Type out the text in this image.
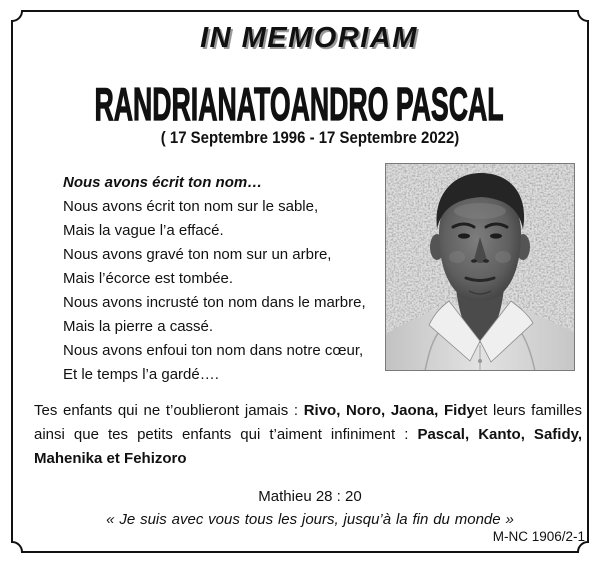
IN MEMORIAM
RANDRIANATOANDRO PASCAL
( 17 Septembre 1996 - 17 Septembre 2022)
Nous avons écrit ton nom…
Nous avons écrit ton nom sur le sable,
Mais la vague l’a effacé.
Nous avons gravé ton nom sur un arbre,
Mais l’écorce est tombée.
Nous avons incrusté ton nom dans le marbre,
Mais la pierre a cassé.
Nous avons enfoui ton nom dans notre cœur,
Et le temps l’a gardé….
Tes enfants qui ne t’oublieront jamais : Rivo, Noro, Jaona, Fidyet leurs familles
ainsi que tes petits enfants qui t’aiment infiniment : Pascal, Kanto, Safidy,
Mahenika et Fehizoro
Mathieu 28 : 20
« Je suis avec vous tous les jours, jusqu’à la fin du monde »
M-NC 1906/2-1
